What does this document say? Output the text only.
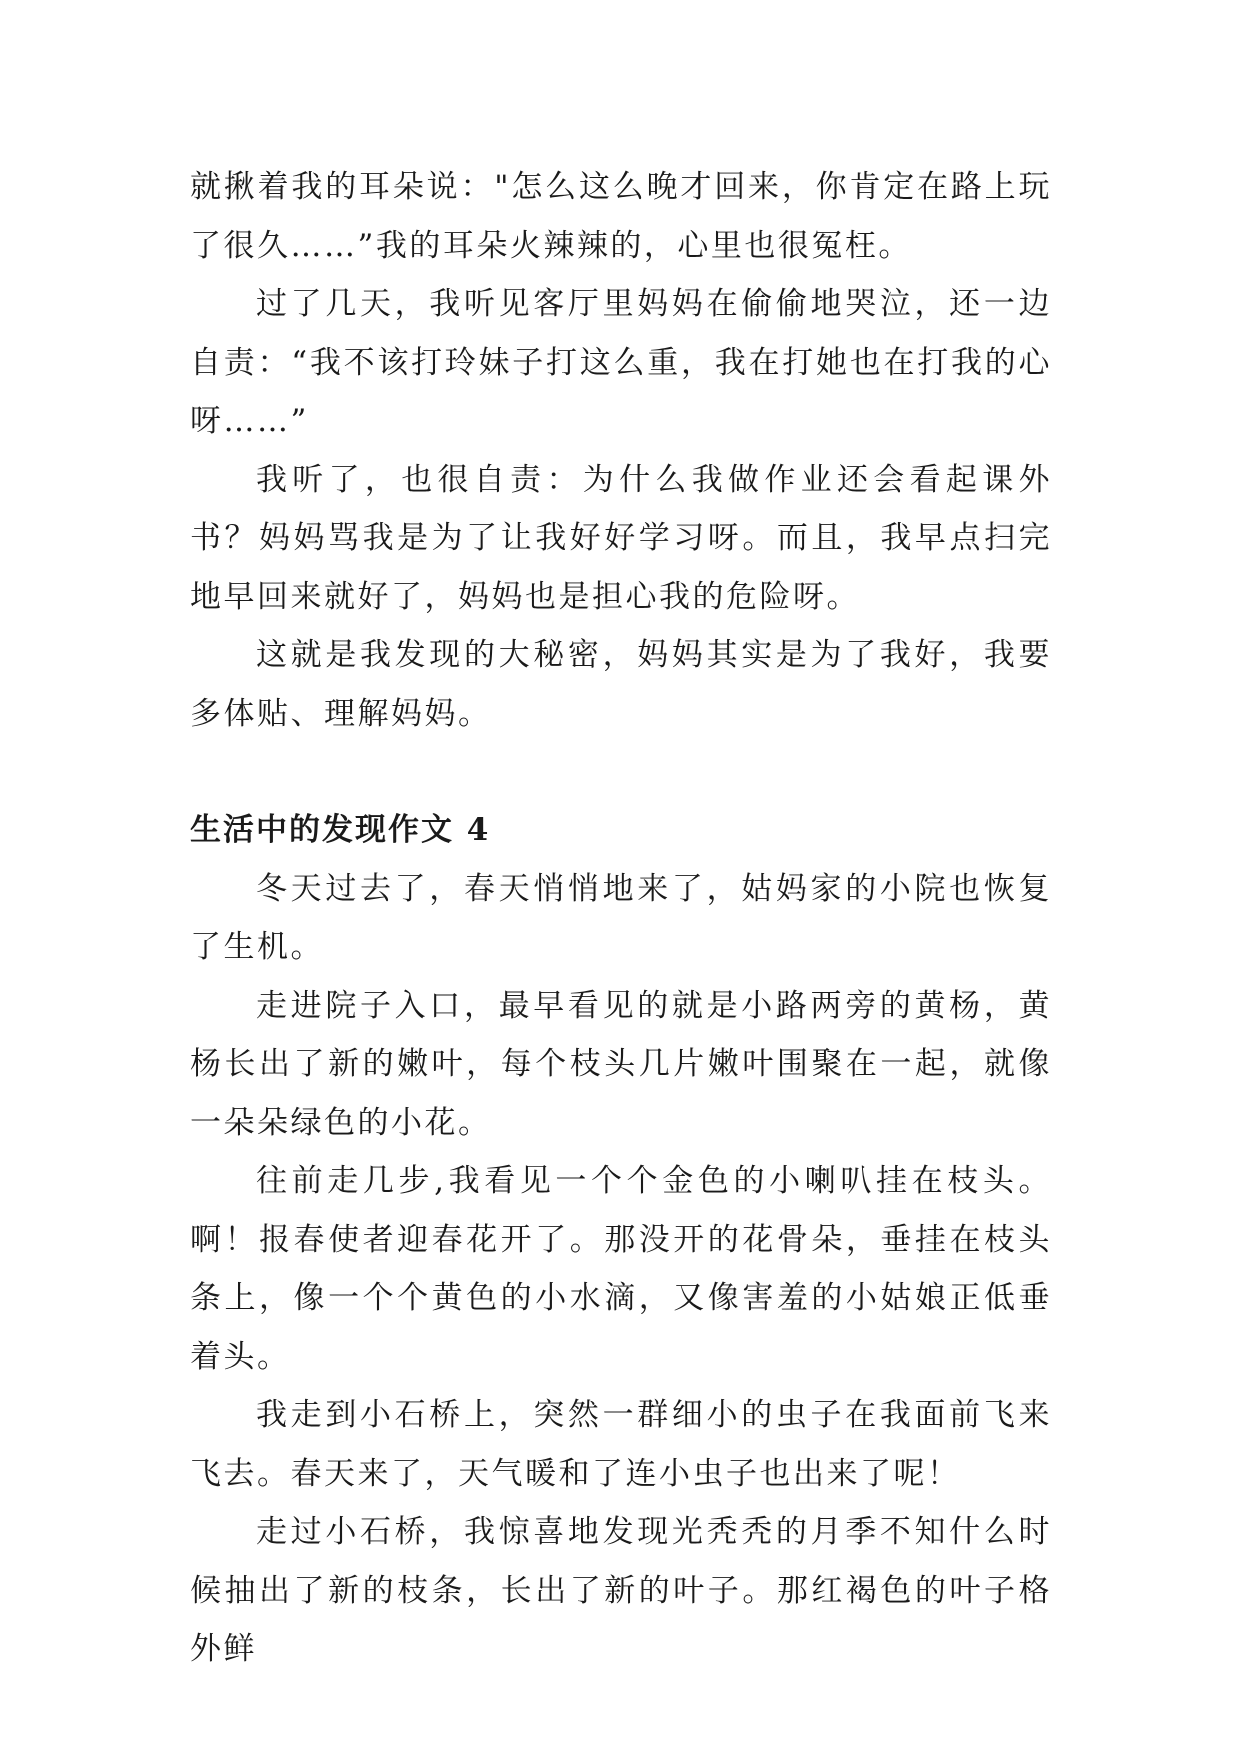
就揪着我的耳朵说："怎么这么晚才回来，你肯定在路上玩了很久……”我的耳朵火辣辣的，心里也很冤枉。

过了几天，我听见客厅里妈妈在偷偷地哭泣，还一边自责：“我不该打玲妹子打这么重，我在打她也在打我的心呀……”

我听了，也很自责：为什么我做作业还会看起课外书？妈妈骂我是为了让我好好学习呀。而且，我早点扫完地早回来就好了，妈妈也是担心我的危险呀。

这就是我发现的大秘密，妈妈其实是为了我好，我要多体贴、理解妈妈。

生活中的发现作文 4

冬天过去了，春天悄悄地来了，姑妈家的小院也恢复了生机。

走进院子入口，最早看见的就是小路两旁的黄杨，黄杨长出了新的嫩叶，每个枝头几片嫩叶围聚在一起，就像一朵朵绿色的小花。

往前走几步,我看见一个个金色的小喇叭挂在枝头。啊！报春使者迎春花开了。那没开的花骨朵，垂挂在枝头条上，像一个个黄色的小水滴，又像害羞的小姑娘正低垂着头。

我走到小石桥上，突然一群细小的虫子在我面前飞来飞去。春天来了，天气暖和了连小虫子也出来了呢！

走过小石桥，我惊喜地发现光秃秃的月季不知什么时候抽出了新的枝条，长出了新的叶子。那红褐色的叶子格外鲜
